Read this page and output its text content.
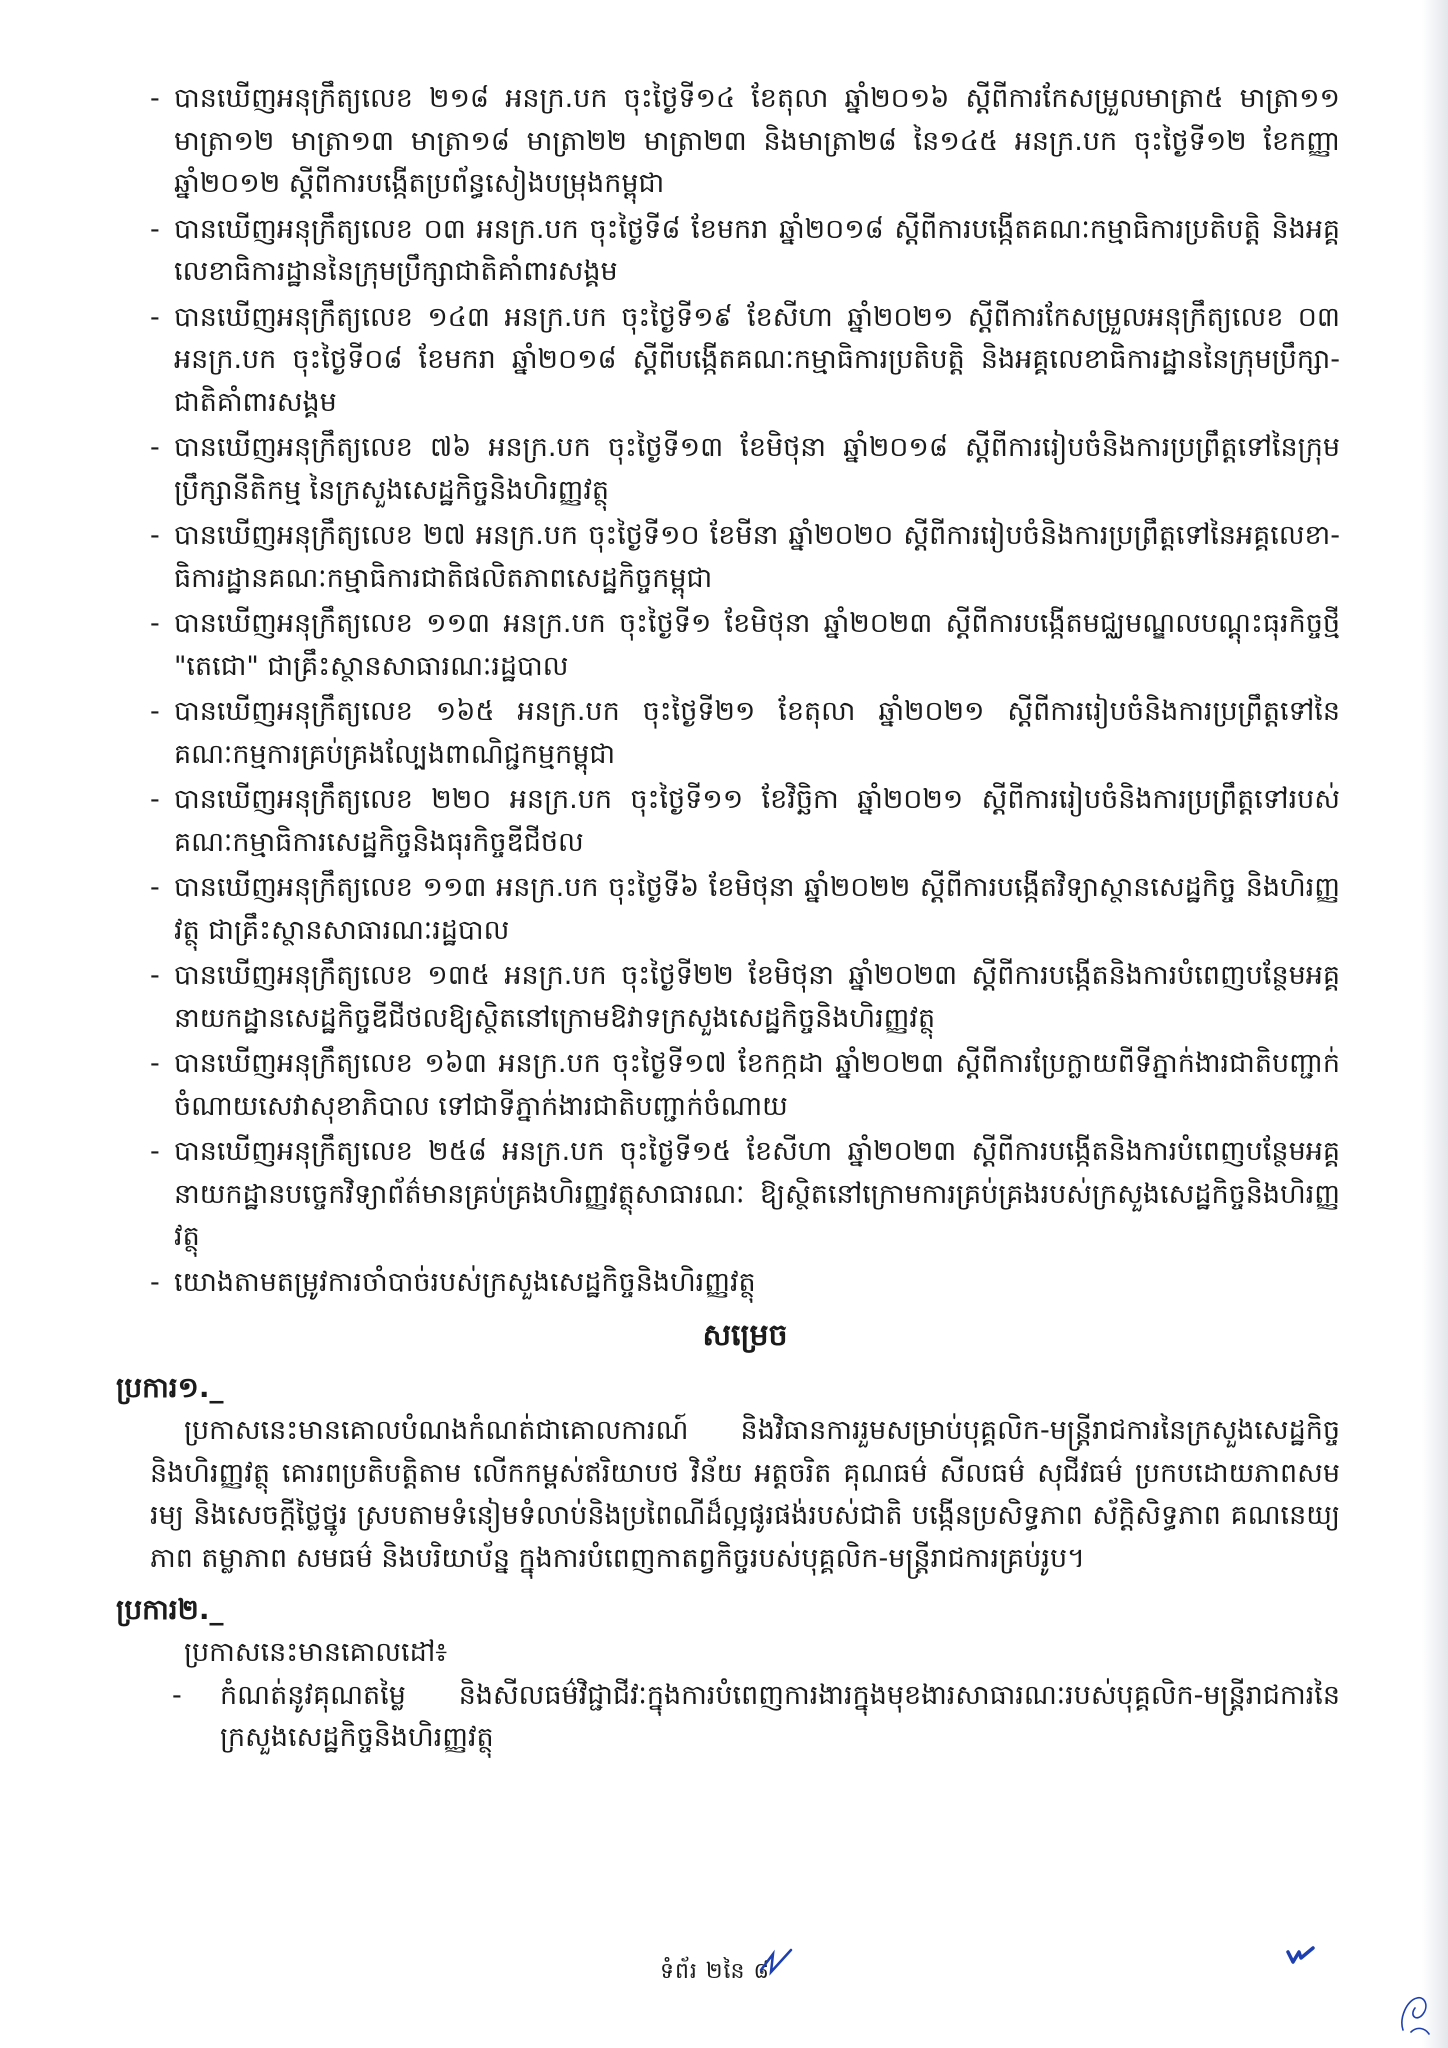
- បានឃើញអនុក្រឹត្យលេខ ២១៨ អនក្រ.បក ចុះថ្ងៃទី១៤ ខែតុលា ឆ្នាំ២០១៦ ស្ដីពីការកែសម្រួលមាត្រា៥ មាត្រា១១ មាត្រា១២ មាត្រា១៣ មាត្រា១៨ មាត្រា២២ មាត្រា២៣ និងមាត្រា២៨ នៃ១៤៥ អនក្រ.បក ចុះថ្ងៃទី១២ ខែកញ្ញា ឆ្នាំ២០១២ ស្ដីពីការបង្កើតប្រព័ន្ធសៀងបម្រុងកម្ពុជា
- បានឃើញអនុក្រឹត្យលេខ ០៣ អនក្រ.បក ចុះថ្ងៃទី៨ ខែមករា ឆ្នាំ២០១៨ ស្ដីពីការបង្កើតគណៈកម្មាធិការប្រតិបត្តិ និងអគ្គលេខាធិការដ្ឋាននៃក្រុមប្រឹក្សាជាតិគាំពារសង្គម
- បានឃើញអនុក្រឹត្យលេខ ១៤៣ អនក្រ.បក ចុះថ្ងៃទី១៩ ខែសីហា ឆ្នាំ២០២១ ស្ដីពីការកែសម្រួលអនុក្រឹត្យលេខ ០៣ អនក្រ.បក ចុះថ្ងៃទី០៨ ខែមករា ឆ្នាំ២០១៨ ស្ដីពីបង្កើតគណៈកម្មាធិការប្រតិបត្តិ និងអគ្គលេខាធិការដ្ឋាននៃក្រុមប្រឹក្សា-ជាតិគាំពារសង្គម
- បានឃើញអនុក្រឹត្យលេខ ៧៦ អនក្រ.បក ចុះថ្ងៃទី១៣ ខែមិថុនា ឆ្នាំ២០១៨ ស្ដីពីការរៀបចំនិងការប្រព្រឹត្តទៅនៃក្រុមប្រឹក្សានីតិកម្ម នៃក្រសួងសេដ្ឋកិច្ចនិងហិរញ្ញវត្ថុ
- បានឃើញអនុក្រឹត្យលេខ ២៧ អនក្រ.បក ចុះថ្ងៃទី១០ ខែមីនា ឆ្នាំ២០២០ ស្ដីពីការរៀបចំនិងការប្រព្រឹត្តទៅនៃអគ្គលេខា-ធិការដ្ឋានគណៈកម្មាធិការជាតិផលិតភាពសេដ្ឋកិច្ចកម្ពុជា
- បានឃើញអនុក្រឹត្យលេខ ១១៣ អនក្រ.បក ចុះថ្ងៃទី១ ខែមិថុនា ឆ្នាំ២០២៣ ស្ដីពីការបង្កើតមជ្ឈមណ្ឌលបណ្ដុះធុរកិច្ចថ្មី "តេជោ" ជាគ្រឹះស្ថានសាធារណៈរដ្ឋបាល
- បានឃើញអនុក្រឹត្យលេខ ១៦៥ អនក្រ.បក ចុះថ្ងៃទី២១ ខែតុលា ឆ្នាំ២០២១ ស្ដីពីការរៀបចំនិងការប្រព្រឹត្តទៅនៃគណៈកម្មការគ្រប់គ្រងល្បែងពាណិជ្ជកម្មកម្ពុជា
- បានឃើញអនុក្រឹត្យលេខ ២២០ អនក្រ.បក ចុះថ្ងៃទី១១ ខែវិច្ឆិកា ឆ្នាំ២០២១ ស្ដីពីការរៀបចំនិងការប្រព្រឹត្តទៅរបស់គណៈកម្មាធិការសេដ្ឋកិច្ចនិងធុរកិច្ចឌីជីថល
- បានឃើញអនុក្រឹត្យលេខ ១១៣ អនក្រ.បក ចុះថ្ងៃទី៦ ខែមិថុនា ឆ្នាំ២០២២ ស្ដីពីការបង្កើតវិទ្យាស្ថានសេដ្ឋកិច្ច និងហិរញ្ញវត្ថុ ជាគ្រឹះស្ថានសាធារណៈរដ្ឋបាល
- បានឃើញអនុក្រឹត្យលេខ ១៣៥ អនក្រ.បក ចុះថ្ងៃទី២២ ខែមិថុនា ឆ្នាំ២០២៣ ស្ដីពីការបង្កើតនិងការបំពេញបន្ថែមអគ្គនាយកដ្ឋានសេដ្ឋកិច្ចឌីជីថលឱ្យស្ថិតនៅក្រោមឱវាទក្រសួងសេដ្ឋកិច្ចនិងហិរញ្ញវត្ថុ
- បានឃើញអនុក្រឹត្យលេខ ១៦៣ អនក្រ.បក ចុះថ្ងៃទី១៧ ខែកក្កដា ឆ្នាំ២០២៣ ស្ដីពីការប្រែក្លាយពីទីភ្នាក់ងារជាតិបញ្ជាក់ចំណាយសេវាសុខាភិបាល ទៅជាទីភ្នាក់ងារជាតិបញ្ជាក់ចំណាយ
- បានឃើញអនុក្រឹត្យលេខ ២៥៨ អនក្រ.បក ចុះថ្ងៃទី១៥ ខែសីហា ឆ្នាំ២០២៣ ស្ដីពីការបង្កើតនិងការបំពេញបន្ថែមអគ្គនាយកដ្ឋានបច្ចេកវិទ្យាព័ត៌មានគ្រប់គ្រងហិរញ្ញវត្ថុសាធារណៈ ឱ្យស្ថិតនៅក្រោមការគ្រប់គ្រងរបស់ក្រសួងសេដ្ឋកិច្ចនិងហិរញ្ញវត្ថុ
- យោងតាមតម្រូវការចាំបាច់របស់ក្រសួងសេដ្ឋកិច្ចនិងហិរញ្ញវត្ថុ
សម្រេច
ប្រការ១._

ប្រកាសនេះមានគោលបំណងកំណត់ជាគោលការណ៍ និងវិធានការរួមសម្រាប់បុគ្គលិក-មន្ត្រីរាជការនៃក្រសួងសេដ្ឋកិច្ចនិងហិរញ្ញវត្ថុ គោរពប្រតិបត្តិតាម លើកកម្ពស់ឥរិយាបថ វិន័យ អត្តចរិត គុណធម៌ សីលធម៌ សុជីវធម៌ ប្រកបដោយភាពសមរម្យ និងសេចក្ដីថ្លៃថ្នូរ ស្របតាមទំនៀមទំលាប់និងប្រពៃណីដ៏ល្អផូរផង់របស់ជាតិ បង្កើនប្រសិទ្ធភាព ស័ក្ដិសិទ្ធភាព គណនេយ្យភាព តម្លាភាព សមធម៌ និងបរិយាប័ន្ន ក្នុងការបំពេញកាតព្វកិច្ចរបស់បុគ្គលិក-មន្ត្រីរាជការគ្រប់រូប។

ប្រការ២._

ប្រកាសនេះមានគោលដៅ៖

- កំណត់នូវគុណតម្លៃ និងសីលធម៌វិជ្ជាជីវៈក្នុងការបំពេញការងារក្នុងមុខងារសាធារណៈរបស់បុគ្គលិក-មន្ត្រីរាជការនៃក្រសួងសេដ្ឋកិច្ចនិងហិរញ្ញវត្ថុ
ទំព័រ ២នៃ ៨
